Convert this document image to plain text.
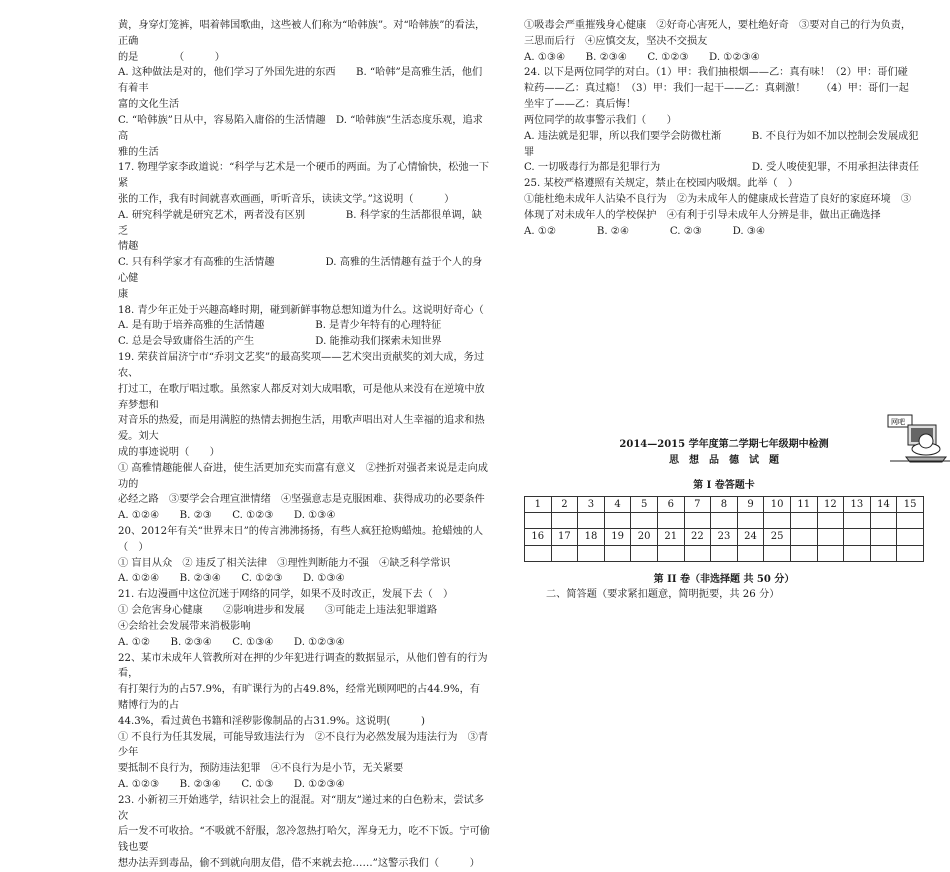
黄，身穿灯笼裤，唱着韩国歌曲，这些被人们称为“哈韩族”。对“哈韩族”的看法，正确

的是　　　　（　　　）

A. 这种做法是对的，他们学习了外国先进的东西　　B. “哈韩”是高雅生活，他们有着丰

富的文化生活

C. “哈韩族”日从中，容易陷入庸俗的生活情趣　D. “哈韩族”生活态度乐观，追求高

雅的生活

17. 物理学家李政道说：“科学与艺术是一个硬币的两面。为了心情愉快，松弛一下紧

张的工作，我有时间就喜欢画画，听听音乐，读读文学。”这说明（　　　）

A. 研究科学就是研究艺术，两者没有区别　　　　B. 科学家的生活都很单调，缺乏

情趣

C. 只有科学家才有高雅的生活情趣　　　　　D. 高雅的生活情趣有益于个人的身心健

康

18. 青少年正处于兴趣高峰时期，碰到新鲜事物总想知道为什么。这说明好奇心（

A. 是有助于培养高雅的生活情趣　　　　　B. 是青少年特有的心理特征

C. 总是会导致庸俗生活的产生　　　　　　D. 能推动我们探索未知世界

19. 荣获首届济宁市“乔羽文艺奖”的最高奖项——艺术突出贡献奖的刘大成，务过农、

打过工，在歌厅唱过歌。虽然家人都反对刘大成唱歌，可是他从来没有在逆境中放弃梦想和

对音乐的热爱，而是用满腔的热情去拥抱生活，用歌声唱出对人生幸福的追求和热爱。刘大

成的事迹说明（　　）

① 高雅情趣能催人奋进，使生活更加充实而富有意义　②挫折对强者来说是走向成功的

必经之路　③要学会合理宣泄情绪　④坚强意志是克服困难、获得成功的必要条件

A. ①②④　　B. ②③　　C. ①②③　　D. ①③④

20、2012年有关“世界末日”的传言沸沸扬扬，有些人疯狂抢购蜡烛。抢蜡烛的人（　）

① 盲目从众　② 违反了相关法律　③理性判断能力不强　④缺乏科学常识

A. ①②④　　B. ②③④　　C. ①②③　　D. ①③④

21. 右边漫画中这位沉迷于网络的同学，如果不及时改正，发展下去（　）

① 会危害身心健康　　②影响进步和发展　　③可能走上违法犯罪道路

④会给社会发展带来消极影响

A. ①②　　B. ②③④　　C. ①③④　　D. ①②③④

22、某市未成年人管教所对在押的少年犯进行调查的数据显示，从他们曾有的行为看，

有打架行为的占57.9%，有旷课行为的占49.8%，经常光顾网吧的占44.9%，有赌博行为的占

44.3%，看过黄色书籍和淫秽影像制品的占31.9%。这说明(　　　)

① 不良行为任其发展，可能导致违法行为　②不良行为必然发展为违法行为　③青少年

要抵制不良行为，预防违法犯罪　④不良行为是小节，无关紧要

A. ①②③　　B. ②③④　　C. ①③　　D. ①②③④

23. 小新初三开始逃学，结识社会上的混混。对“朋友”递过来的白色粉末，尝试多次

后一发不可收拾。“不吸就不舒服，忽冷忽热打哈欠，浑身无力，吃不下饭。宁可偷钱也要

想办法弄到毒品，偷不到就向朋友借，借不来就去抢……”这警示我们（　　　）

网吧

①吸毒会严重摧残身心健康　②好奇心害死人，要杜绝好奇　③要对自己的行为负责，

三思而后行　④应慎交友，坚决不交损友

A. ①③④　　B. ②③④　　C. ①②③　　D. ①②③④

24. 以下是两位同学的对白。（1）甲：我们抽根烟——乙：真有味！（2）甲：哥们碰

粒药——乙：真过瘾！（3）甲：我们一起干——乙：真刺激！　　（4）甲：哥们一起

坐牢了——乙：真后悔！

两位同学的故事警示我们（　　）

A. 违法就是犯罪，所以我们要学会防微杜渐　　　B. 不良行为如不加以控制会发展成犯罪

C. 一切吸毒行为都是犯罪行为　　　　　　　　　D. 受人唆使犯罪，不用承担法律责任

25. 某校严格遵照有关规定，禁止在校园内吸烟。此举（　）

①能杜绝未成年人沾染不良行为　②为未成年人的健康成长营造了良好的家庭环境　③

体现了对未成年人的学校保护　④有利于引导未成年人分辨是非，做出正确选择

A. ①②　　　　B. ②④　　　　C. ②③　　　D. ③④

2014—2015 学年度第二学期七年级期中检测

思　想　品　德　试　题

第 I 卷答题卡

1	2	3	4	5	6	7	8	9	10	11	12	13	14	15

16	17	18	19	20	21	22	23	24	25					

第 II 卷（非选择题 共 50 分）

二、简答题（要求紧扣题意，简明扼要，共 26 分）
